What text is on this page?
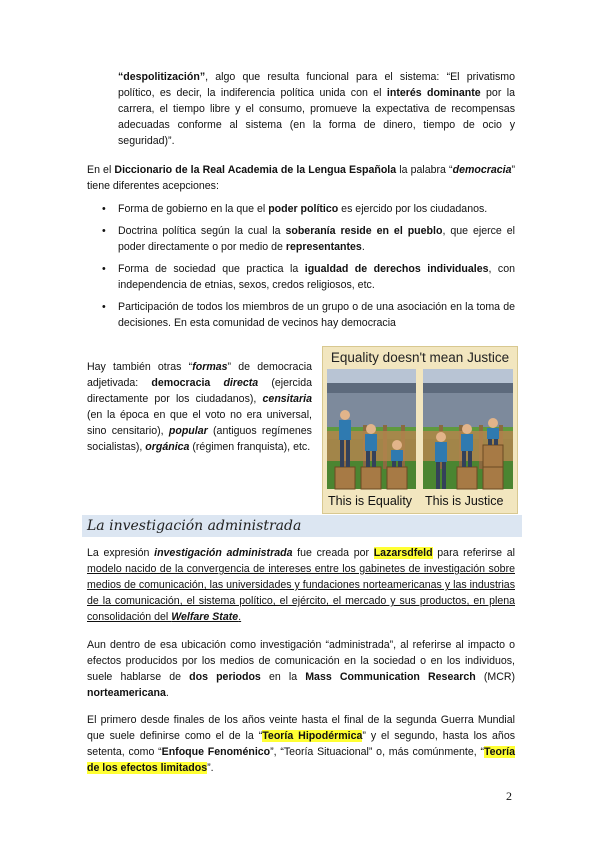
“despolitización”, algo que resulta funcional para el sistema: “El privatismo político, es decir, la indiferencia política unida con el interés dominante por la carrera, el tiempo libre y el consumo, promueve la expectativa de recompensas adecuadas conforme al sistema (en la forma de dinero, tiempo de ocio y seguridad)”.

En el Diccionario de la Real Academia de la Lengua Española la palabra “democracia” tiene diferentes acepciones:

• Forma de gobierno en la que el poder político es ejercido por los ciudadanos.
• Doctrina política según la cual la soberanía reside en el pueblo, que ejerce el poder directamente o por medio de representantes.
• Forma de sociedad que practica la igualdad de derechos individuales, con independencia de etnias, sexos, credos religiosos, etc.
• Participación de todos los miembros de un grupo o de una asociación en la toma de decisiones. En esta comunidad de vecinos hay democracia

Hay también otras “formas” de democracia adjetivada: democracia directa (ejercida directamente por los ciudadanos), censitaria (en la época en que el voto no era universal, sino censitario), popular (antiguos regímenes socialistas), orgánica (régimen franquista), etc.

Equality doesn't mean Justice
This is Equality This is Justice
La investigación administrada

La expresión investigación administrada fue creada por Lazarsdfeld para referirse al modelo nacido de la convergencia de intereses entre los gabinetes de investigación sobre medios de comunicación, las universidades y fundaciones norteamericanas y las industrias de la comunicación, el sistema político, el ejército, el mercado y sus productos, en plena consolidación del Welfare State.

Aun dentro de esa ubicación como investigación “administrada”, al referirse al impacto o efectos producidos por los medios de comunicación en la sociedad o en los individuos, suele hablarse de dos periodos en la Mass Communication Research (MCR) norteamericana.

El primero desde finales de los años veinte hasta el final de la segunda Guerra Mundial que suele definirse como el de la “Teoría Hipodérmica” y el segundo, hasta los años setenta, como “Enfoque Fenoménico”, “Teoría Situacional” o, más comúnmente, “Teoría de los efectos limitados”.

2
